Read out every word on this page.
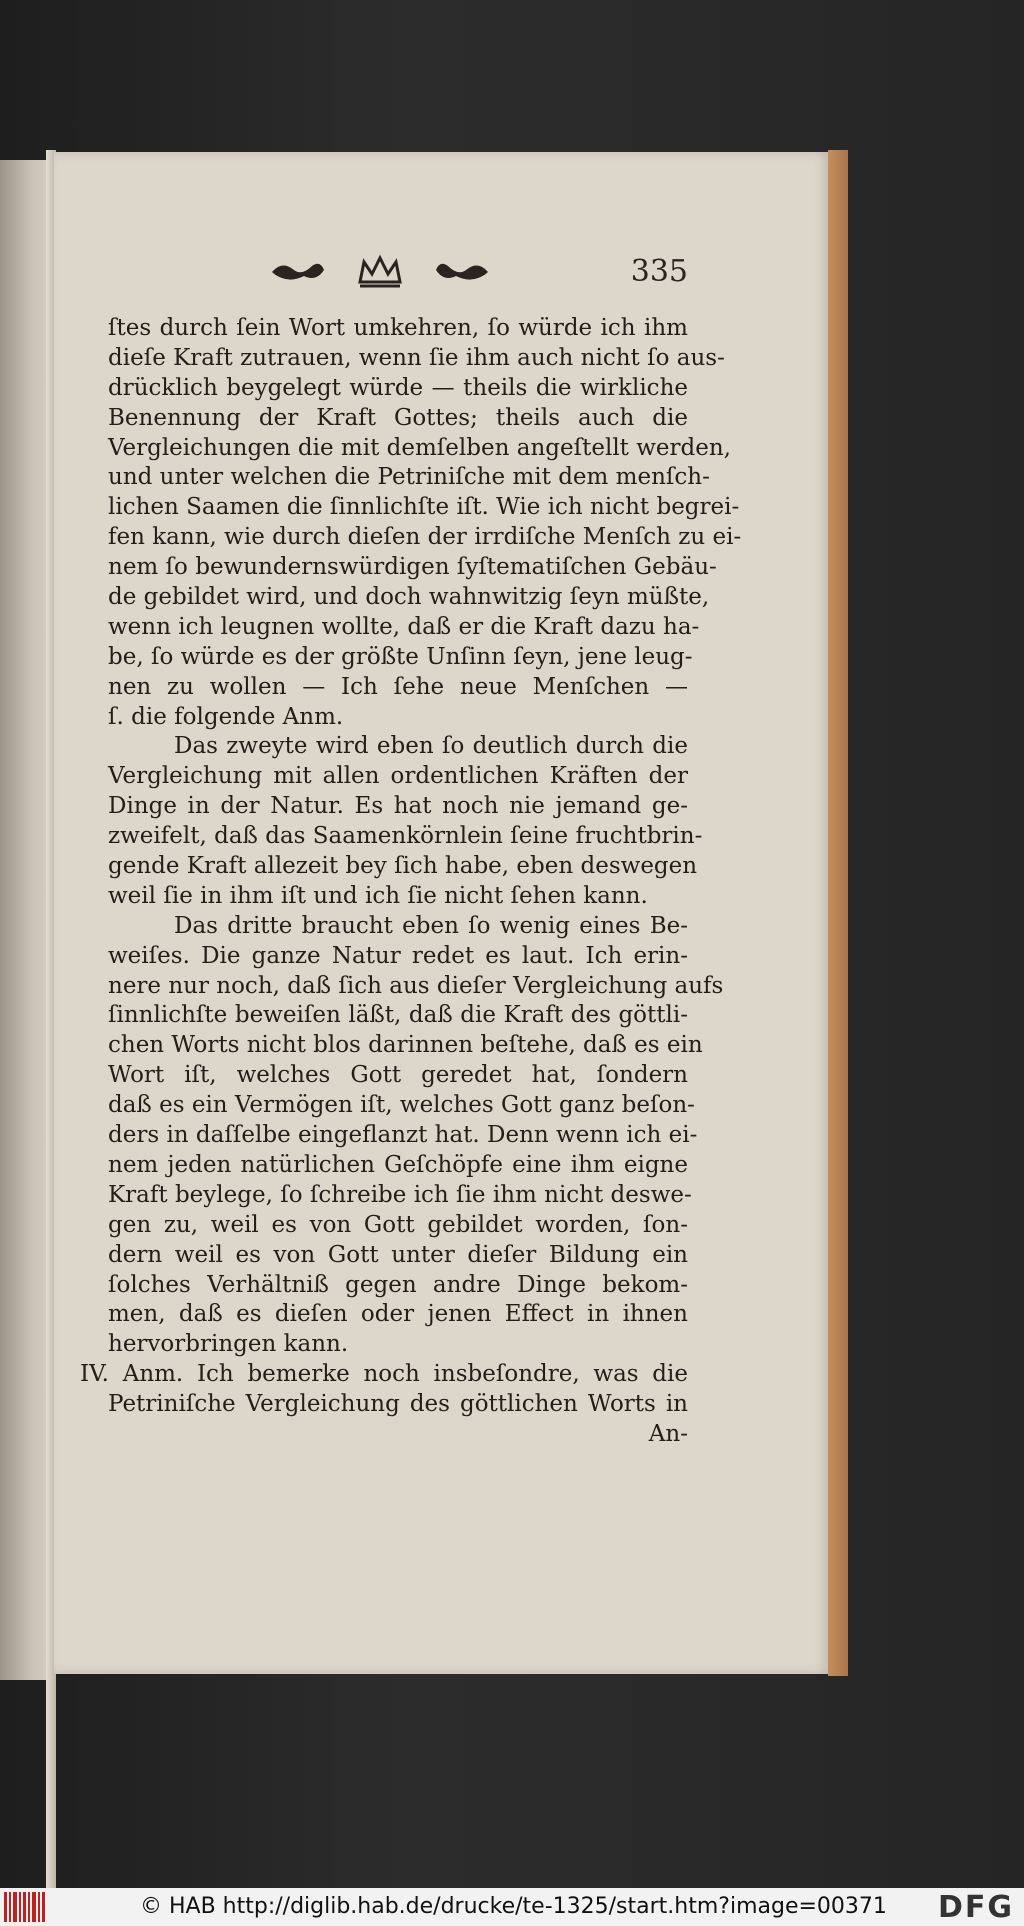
335
ſtes durch ſein Wort umkehren, ſo würde ich ihm
dieſe Kraft zutrauen, wenn ſie ihm auch nicht ſo aus-
drücklich beygelegt würde — theils die wirkliche
Benennung der Kraft Gottes; theils auch die
Vergleichungen die mit demſelben angeſtellt werden,
und unter welchen die Petriniſche mit dem menſch-
lichen Saamen die ſinnlichſte iſt. Wie ich nicht begrei-
fen kann, wie durch dieſen der irrdiſche Menſch zu ei-
nem ſo bewundernswürdigen ſyſtematiſchen Gebäu-
de gebildet wird, und doch wahnwitzig ſeyn müßte,
wenn ich leugnen wollte, daß er die Kraft dazu ha-
be, ſo würde es der größte Unſinn ſeyn, jene leug-
nen zu wollen — Ich ſehe neue Menſchen —
ſ. die folgende Anm.
Das zweyte wird eben ſo deutlich durch die
Vergleichung mit allen ordentlichen Kräften der
Dinge in der Natur. Es hat noch nie jemand ge-
zweifelt, daß das Saamenkörnlein ſeine fruchtbrin-
gende Kraft allezeit bey ſich habe, eben deswegen
weil ſie in ihm iſt und ich ſie nicht ſehen kann.
Das dritte braucht eben ſo wenig eines Be-
weiſes. Die ganze Natur redet es laut. Ich erin-
nere nur noch, daß ſich aus dieſer Vergleichung aufs
ſinnlichſte beweiſen läßt, daß die Kraft des göttli-
chen Worts nicht blos darinnen beſtehe, daß es ein
Wort iſt, welches Gott geredet hat, ſondern
daß es ein Vermögen iſt, welches Gott ganz beſon-
ders in daſſelbe eingeflanzt hat. Denn wenn ich ei-
nem jeden natürlichen Geſchöpfe eine ihm eigne
Kraft beylege, ſo ſchreibe ich ſie ihm nicht deswe-
gen zu, weil es von Gott gebildet worden, ſon-
dern weil es von Gott unter dieſer Bildung ein
ſolches Verhältniß gegen andre Dinge bekom-
men, daß es dieſen oder jenen Effect in ihnen
hervorbringen kann.
IV. Anm. Ich bemerke noch insbeſondre, was die
Petriniſche Vergleichung des göttlichen Worts in
An-
© HAB http://diglib.hab.de/drucke/te-1325/start.htm?image=00371 DFG
